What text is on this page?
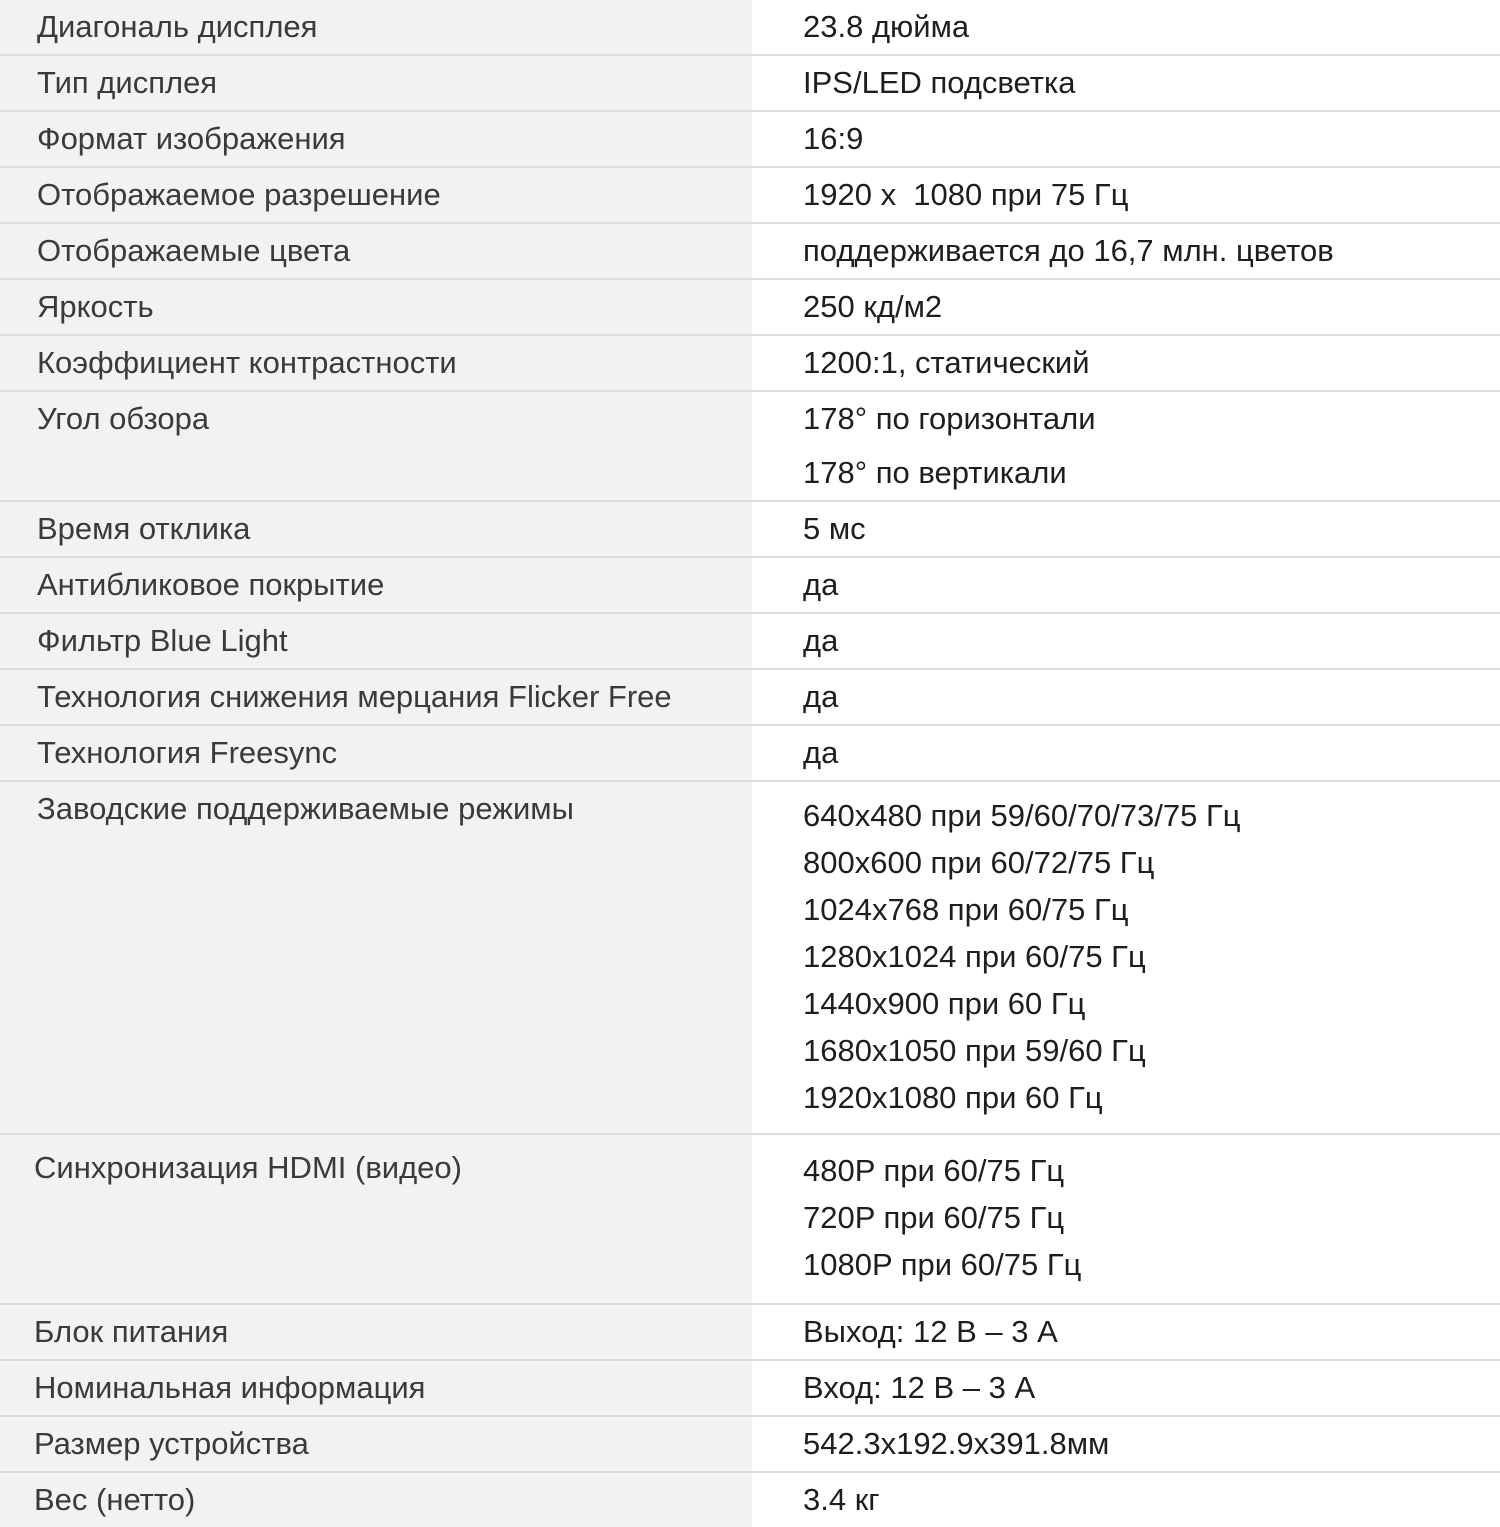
Диагональ дисплея	23.8 дюйма
Тип дисплея	IPS/LED подсветка
Формат изображения	16:9
Отображаемое разрешение	1920 x  1080 при 75 Гц
Отображаемые цвета	поддерживается до 16,7 млн. цветов
Яркость	250 кд/м2
Коэффициент контрастности	1200:1, статический
Угол обзора	178° по горизонтали
178° по вертикали
Время отклика	5 мс
Антибликовое покрытие	да
Фильтр Blue Light	да
Технология снижения мерцания Flicker Free	да
Технология Freesync	да
Заводские поддерживаемые режимы	640x480 при 59/60/70/73/75 Гц
800x600 при 60/72/75 Гц
1024x768 при 60/75 Гц
1280x1024 при 60/75 Гц
1440x900 при 60 Гц
1680x1050 при 59/60 Гц
1920x1080 при 60 Гц
Синхронизация HDMI (видео)	480P при 60/75 Гц
720P при 60/75 Гц
1080P при 60/75 Гц
Блок питания	Выход: 12 В – 3 А
Номинальная информация	Вход: 12 В – 3 А
Размер устройства	542.3x192.9x391.8мм
Вес (нетто)	3.4 кг
